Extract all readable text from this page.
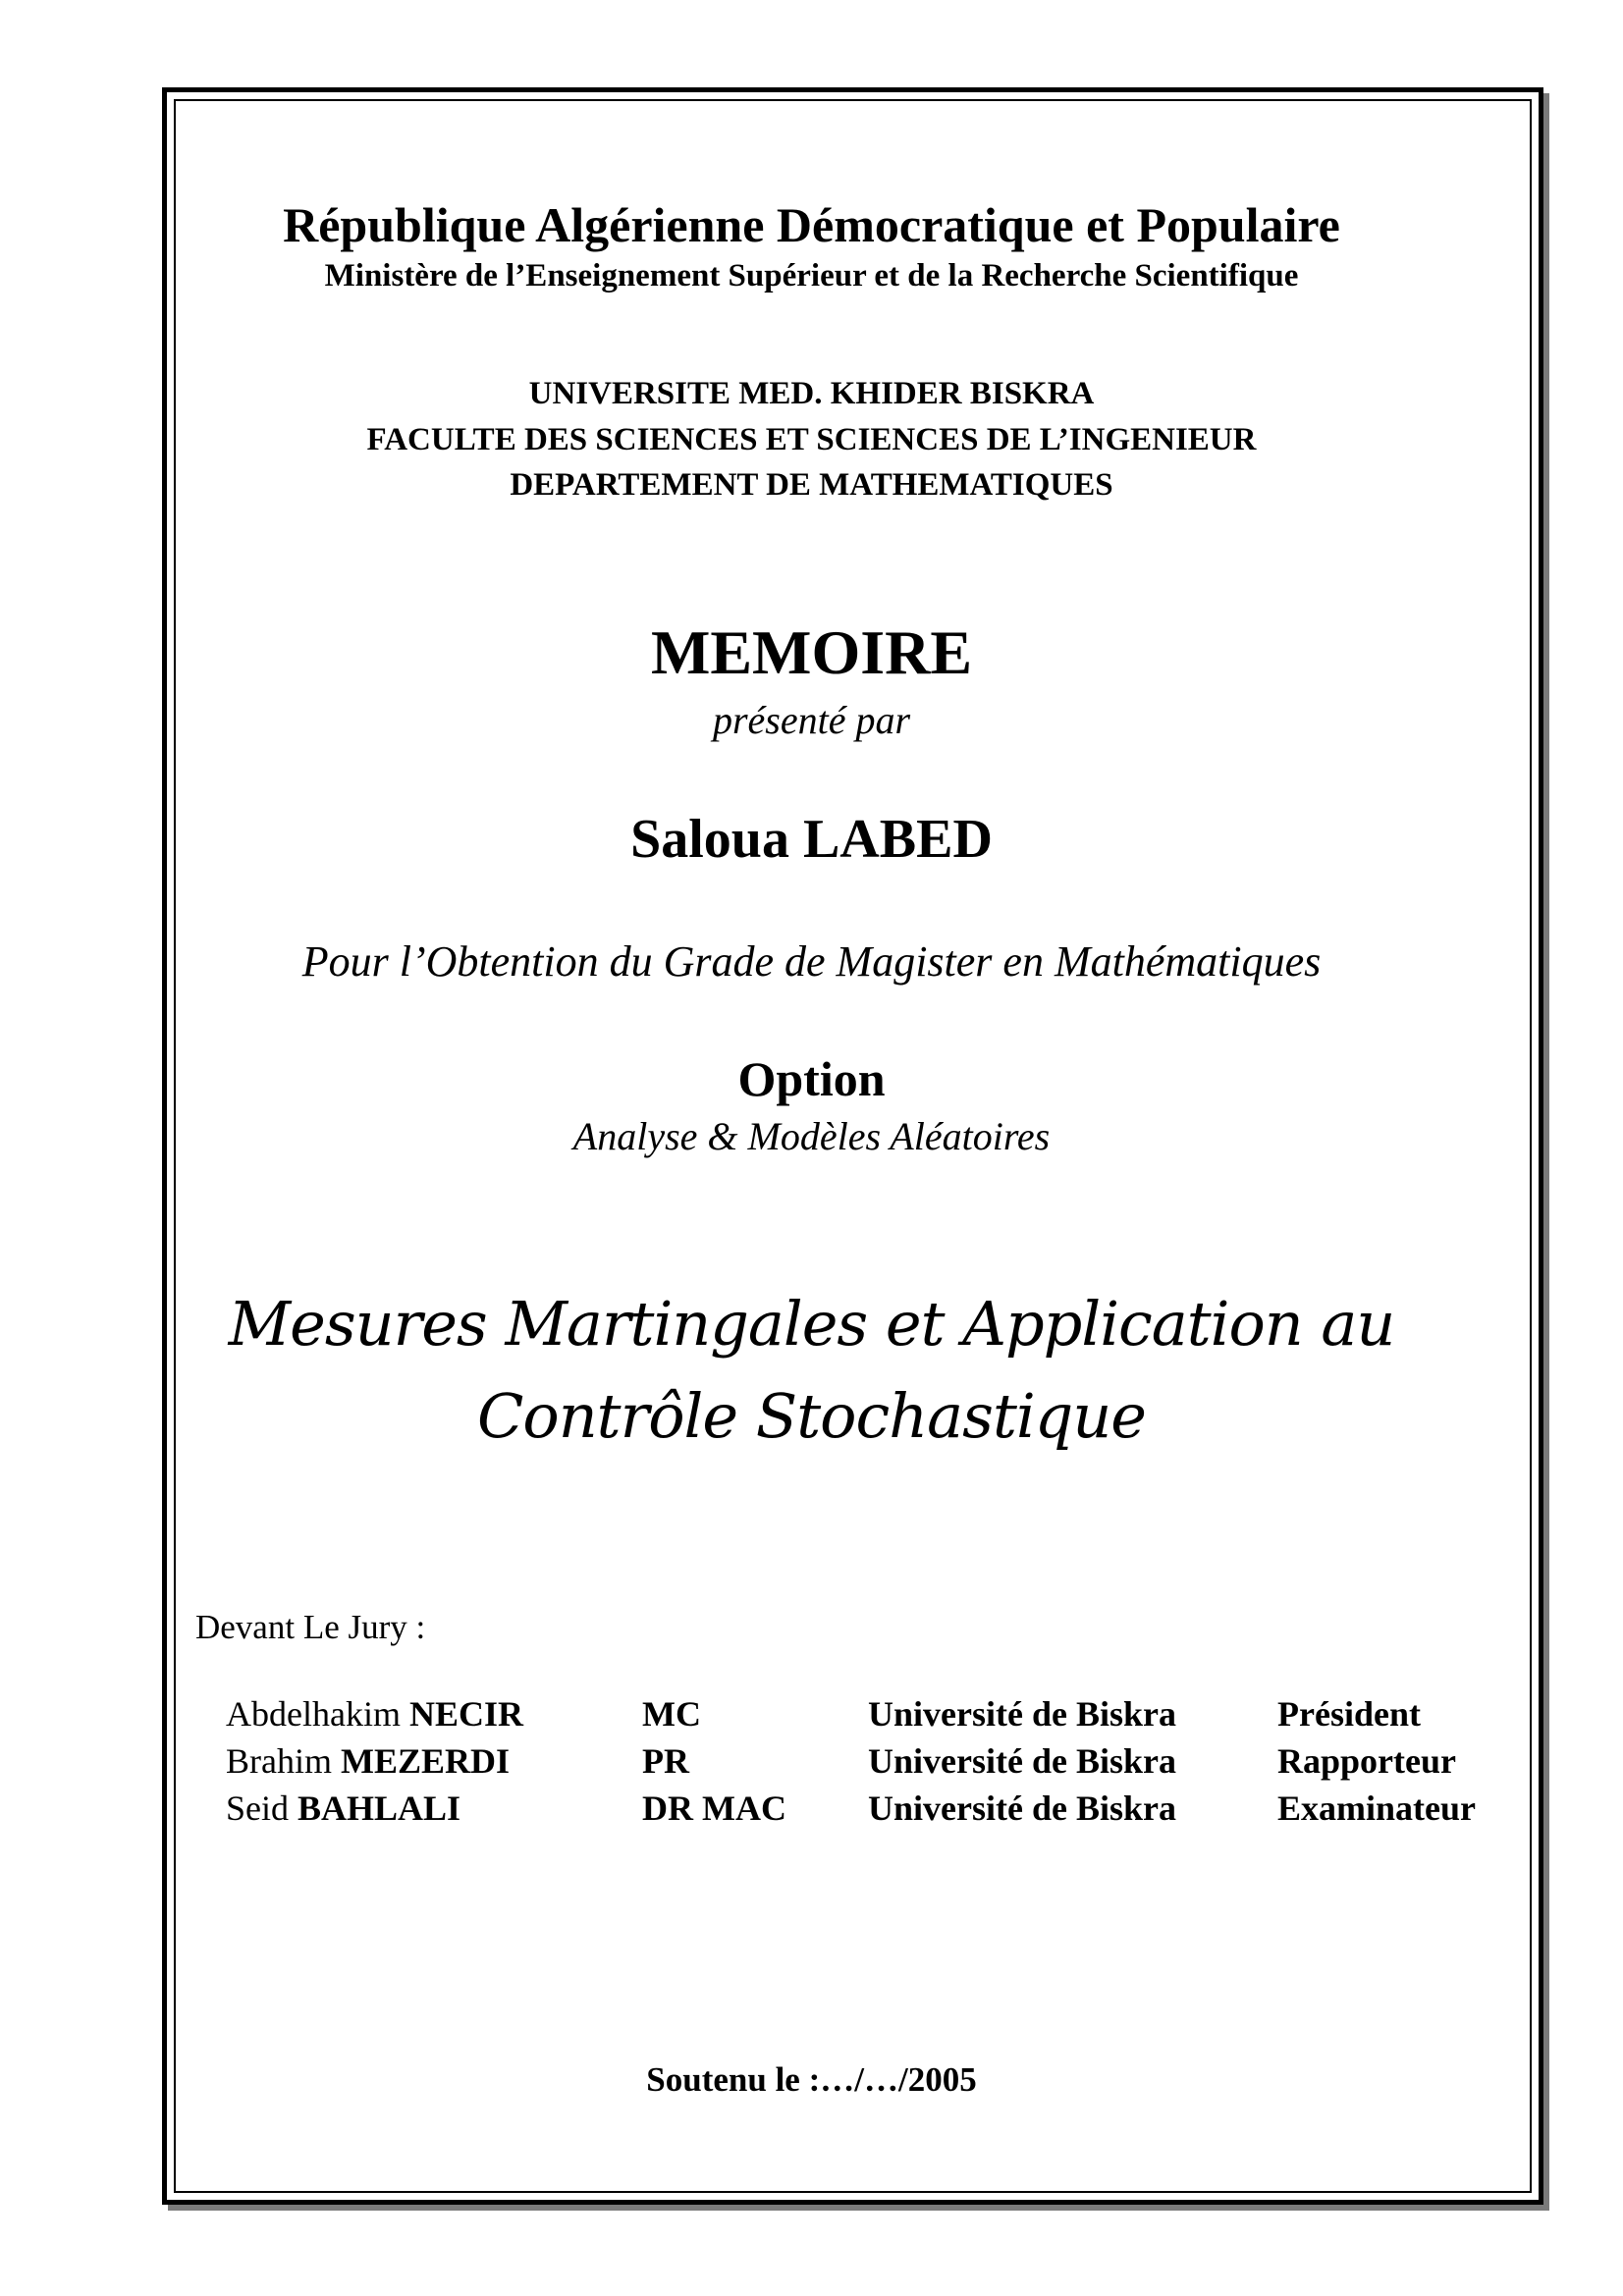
République Algérienne Démocratique et Populaire
Ministère de l’Enseignement Supérieur et de la Recherche Scientifique
UNIVERSITE MED. KHIDER BISKRA
FACULTE DES SCIENCES ET SCIENCES DE L’INGENIEUR
DEPARTEMENT DE MATHEMATIQUES
MEMOIRE
présenté par
Saloua LABED
Pour l’Obtention du Grade de Magister en Mathématiques
Option
Analyse & Modèles Aléatoires
Mesures Martingales et Application au
Contrôle Stochastique
Devant Le Jury :
Abdelhakim NECIR	MC	Université de Biskra	Président
Brahim MEZERDI	PR	Université de Biskra	Rapporteur
Seid BAHLALI	DR MAC Université de Biskra	Examinateur
Soutenu le :…/…/2005
